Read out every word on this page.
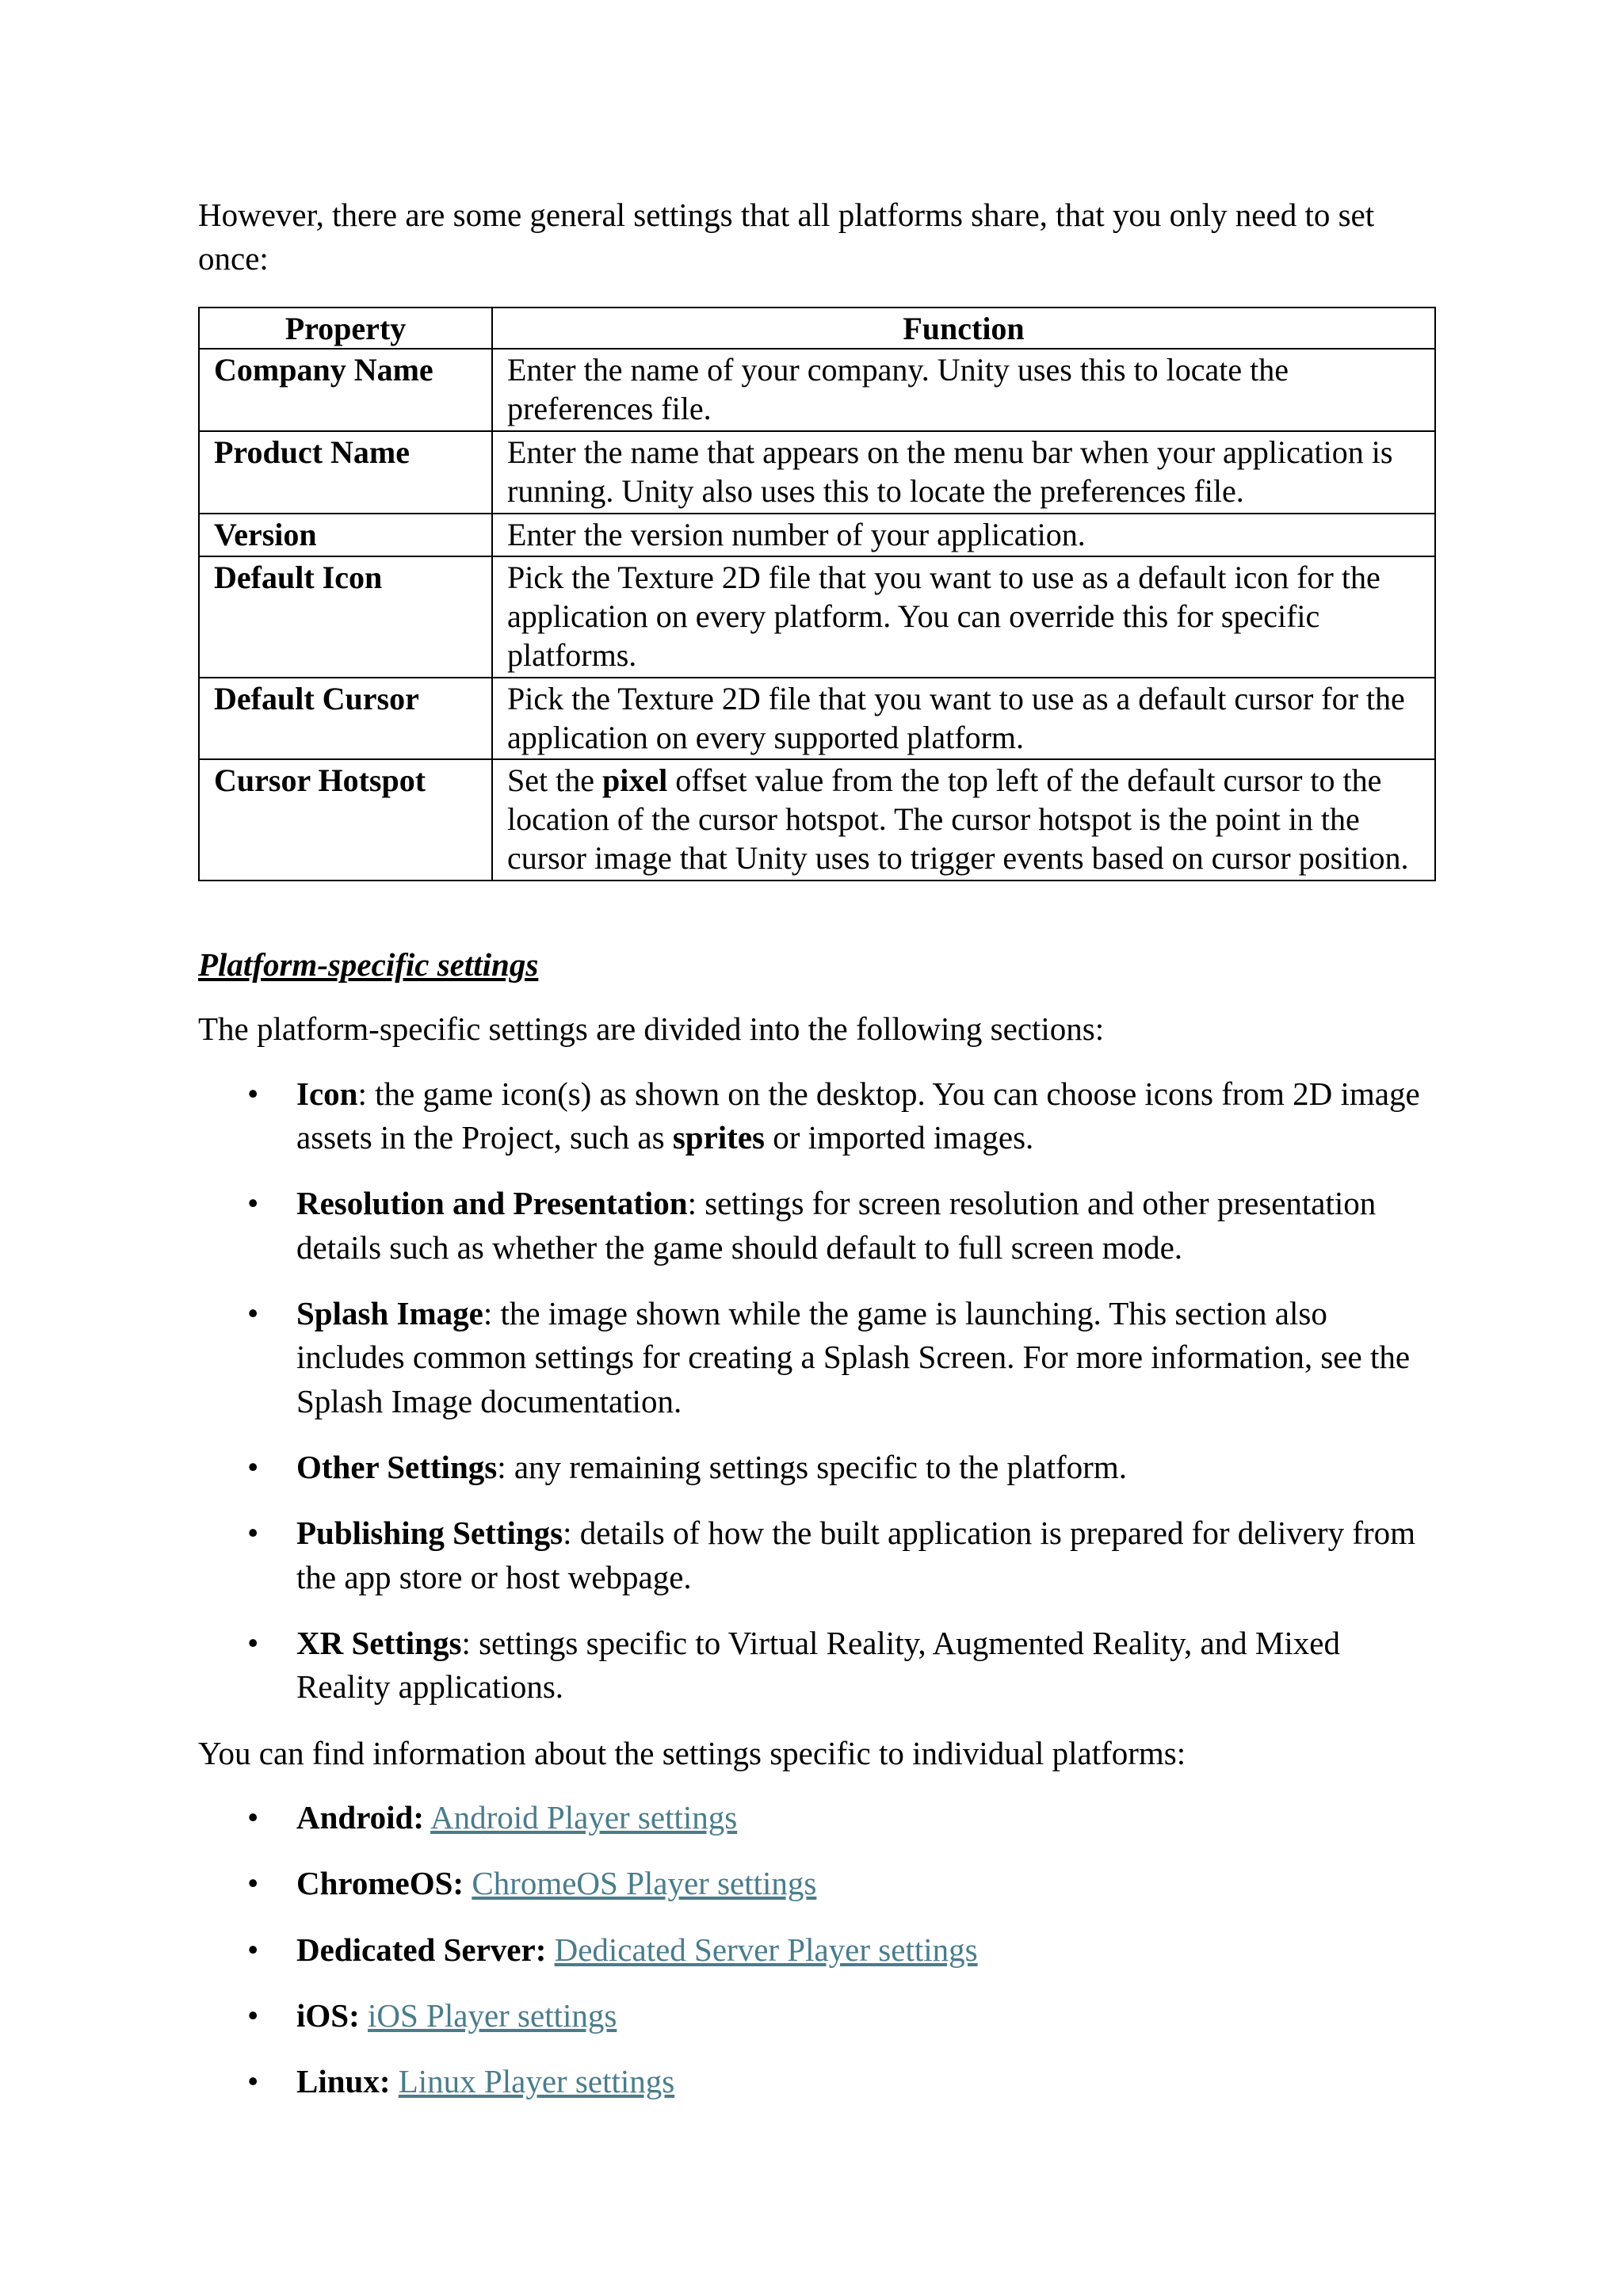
However, there are some general settings that all platforms share, that you only need to set once:

Property	Function
Company Name	Enter the name of your company. Unity uses this to locate the preferences file.
Product Name	Enter the name that appears on the menu bar when your application is running. Unity also uses this to locate the preferences file.
Version	Enter the version number of your application.
Default Icon	Pick the Texture 2D file that you want to use as a default icon for the application on every platform. You can override this for specific platforms.
Default Cursor	Pick the Texture 2D file that you want to use as a default cursor for the application on every supported platform.
Cursor Hotspot	Set the pixel offset value from the top left of the default cursor to the location of the cursor hotspot. The cursor hotspot is the point in the cursor image that Unity uses to trigger events based on cursor position.
Platform-specific settings
The platform-specific settings are divided into the following sections:
• Icon: the game icon(s) as shown on the desktop. You can choose icons from 2D image assets in the Project, such as sprites or imported images.
• Resolution and Presentation: settings for screen resolution and other presentation details such as whether the game should default to full screen mode.
• Splash Image: the image shown while the game is launching. This section also includes common settings for creating a Splash Screen. For more information, see the Splash Image documentation.
• Other Settings: any remaining settings specific to the platform.
• Publishing Settings: details of how the built application is prepared for delivery from the app store or host webpage.
• XR Settings: settings specific to Virtual Reality, Augmented Reality, and Mixed Reality applications.
You can find information about the settings specific to individual platforms:
• Android: Android Player settings
• ChromeOS: ChromeOS Player settings
• Dedicated Server: Dedicated Server Player settings
• iOS: iOS Player settings
• Linux: Linux Player settings
